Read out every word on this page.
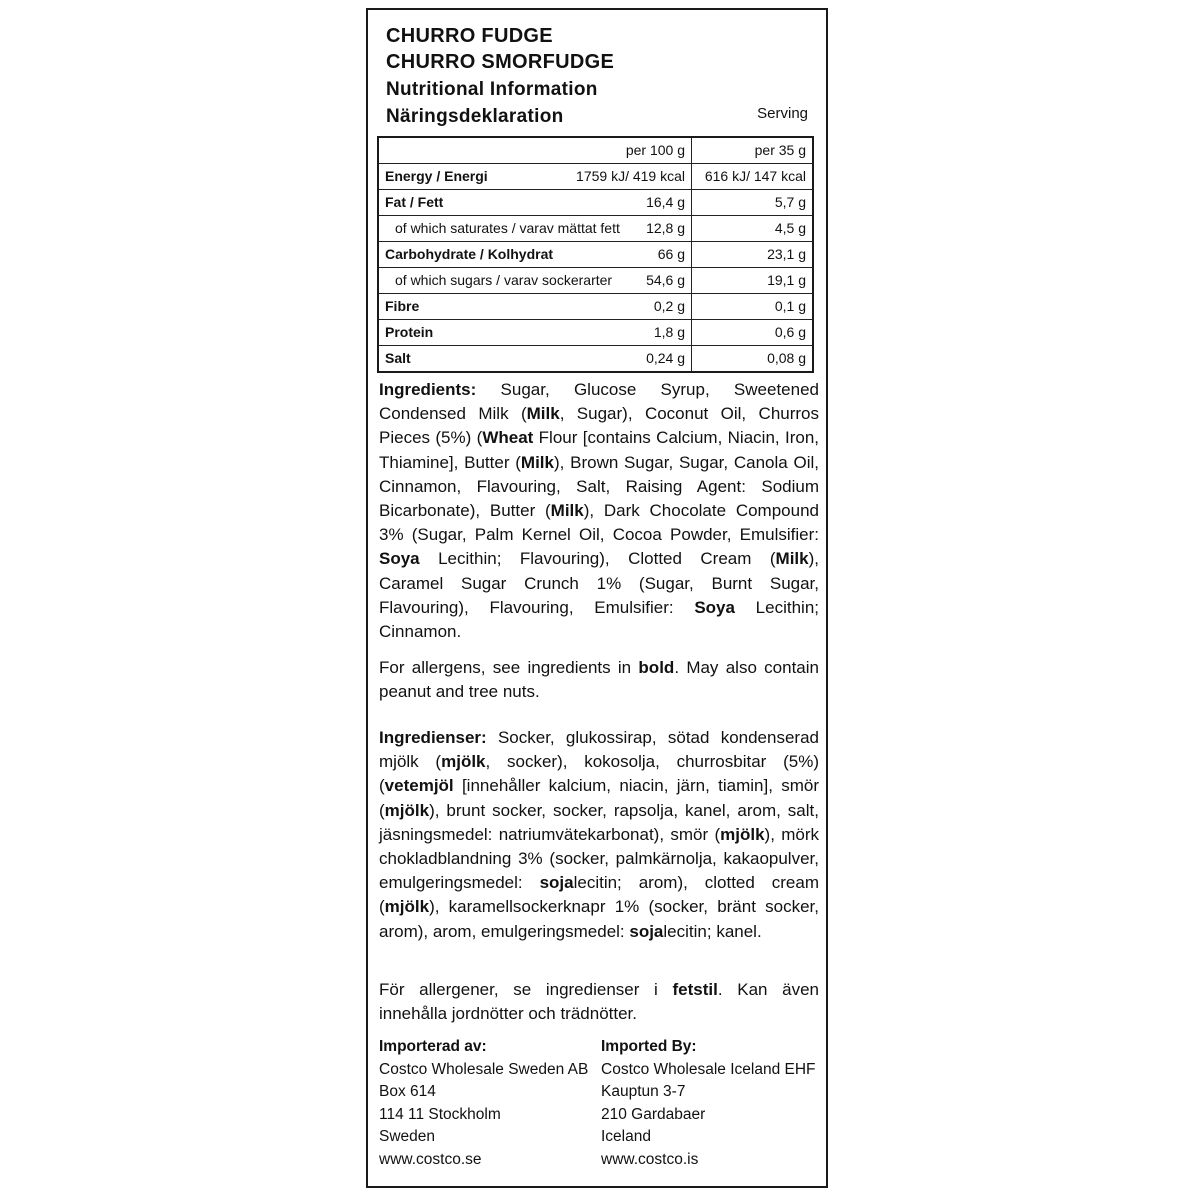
CHURRO FUDGE
CHURRO SMORFUDGE
Nutritional Information
Näringsdeklaration	Serving
per 100 g	per 35 g

Energy / Energi 1759 kJ/ 419 kcal	616 kJ/ 147 kcal

Fat / Fett 16,4 g	5,7 g

of which saturates / varav mättat fett 12,8 g	4,5 g

Carbohydrate / Kolhydrat 66 g	23,1 g

of which sugars / varav sockerarter 54,6 g	19,1 g

Fibre 0,2 g	0,1 g

Protein 1,8 g	0,6 g

Salt 0,24 g	0,08 g

Ingredients: Sugar, Glucose Syrup, Sweetened Condensed Milk (Milk, Sugar), Coconut Oil, Churros Pieces (5%) (Wheat Flour [contains Calcium, Niacin, Iron, Thiamine], Butter (Milk), Brown Sugar, Sugar, Canola Oil, Cinnamon, Flavouring, Salt, Raising Agent: Sodium Bicarbonate), Butter (Milk), Dark Chocolate Compound 3% (Sugar, Palm Kernel Oil, Cocoa Powder, Emulsifier: Soya Lecithin; Flavouring), Clotted Cream (Milk), Caramel Sugar Crunch 1% (Sugar, Burnt Sugar, Flavouring), Flavouring, Emulsifier: Soya Lecithin; Cinnamon.

For allergens, see ingredients in bold. May also contain peanut and tree nuts.

Ingredienser: Socker, glukossirap, sötad kondenserad mjölk (mjölk, socker), kokosolja, churrosbitar (5%) (vetemjöl [innehåller kalcium, niacin, järn, tiamin], smör (mjölk), brunt socker, socker, rapsolja, kanel, arom, salt, jäsningsmedel: natriumvätekarbonat), smör (mjölk), mörk chokladblandning 3% (socker, palmkärnolja, kakaopulver, emulgeringsmedel: sojalecitin; arom), clotted cream (mjölk), karamellsockerknapr 1% (socker, bränt socker, arom), arom, emulgeringsmedel: sojalecitin; kanel.

För allergener, se ingredienser i fetstil. Kan även innehålla jordnötter och trädnötter.

Importerad av:
Costco Wholesale Sweden AB
Box 614
114 11 Stockholm
Sweden
www.costco.se
Imported By:
Costco Wholesale Iceland EHF
Kauptun 3-7
210 Gardabaer
Iceland
www.costco.is
